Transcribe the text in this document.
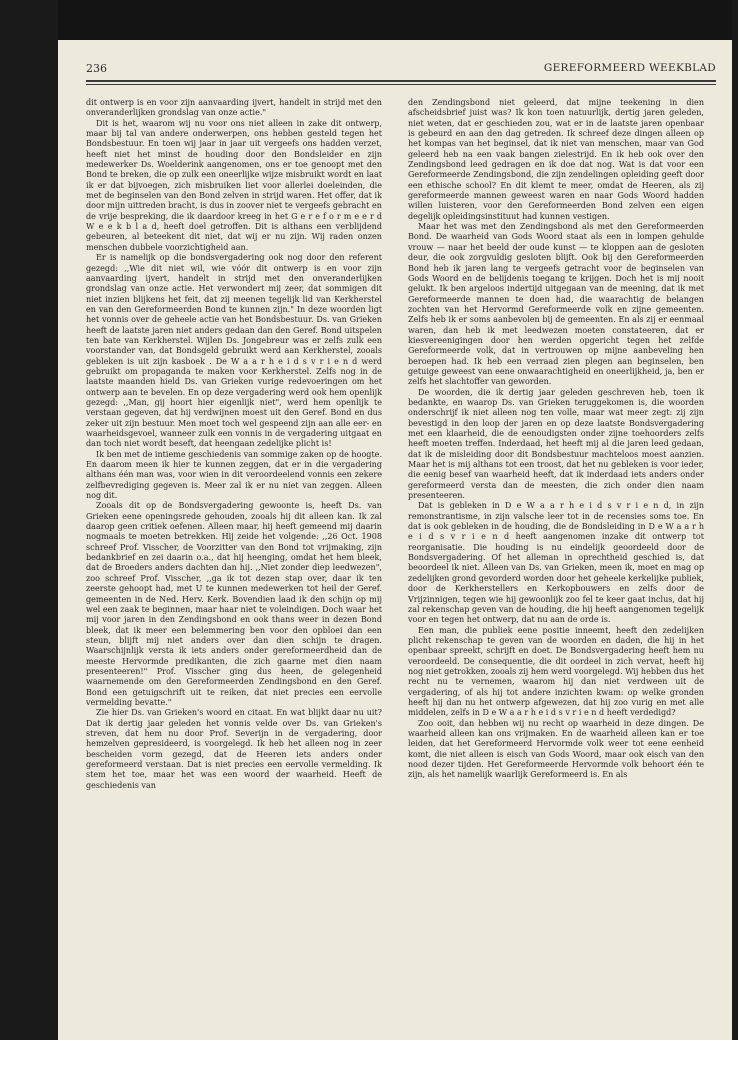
236	GEREFORMEERD WEEKBLAD

dit ontwerp is en voor zijn aanvaarding ijvert, handelt in strijd met den onveranderlijken grondslag van onze actie."

Dit is het, waarom wij nu voor ons niet alleen in zake dit ontwerp, maar bij tal van andere onderwerpen, ons hebben gesteld tegen het Bondsbestuur. En toen wij jaar in jaar uit vergeefs ons hadden verzet, heeft niet het minst de houding door den Bondsleider en zijn medewerker Ds. Woelderink aangenomen, ons er toe genoopt met den Bond te breken, die op zulk een oneerlijke wijze misbruikt wordt en laat ik er dat bijvoegen, zich misbruiken liet voor allerlei doeleinden, die met de beginselen van den Bond zelven in strijd waren. Het offer, dat ik door mijn uittreden bracht, is dus in zoover niet te vergeefs gebracht en de vrije bespreking, die ik daardoor kreeg in het G e r e f o r m e e r d W e e k b l a d, heeft doel getroffen. Dit is althans een verblijdend gebeuren, al beteekent dit niet, dat wij er nu zijn. Wij raden onzen menschen dubbele voorzichtigheid aan.

Er is namelijk op die bondsvergadering ook nog door den referent gezegd: ,,Wie dit niet wil, wie vóór dit ontwerp is en voor zijn aanvaarding ijvert, handelt in strijd met den onveranderlijken grondslag van onze actie. Het verwondert mij zeer, dat sommigen dit niet inzien blijkens het feit, dat zij meenen tegelijk lid van Kerkherstel en van den Gereformeerden Bond te kunnen zijn." In deze woorden ligt het vonnis over de geheele actie van het Bondsbestuur. Ds. van Grieken heeft de laatste jaren niet anders gedaan dan den Geref. Bond uitspelen ten bate van Kerkherstel. Wijlen Ds. Jongebreur was er zelfs zulk een voorstander van, dat Bondsgeld gebruikt werd aan Kerkherstel, zooals gebleken is uit zijn kasboek . De W a a r h e i d s v r i e n d werd gebruikt om propaganda te maken voor Kerkherstel. Zelfs nog in de laatste maanden hield Ds. van Grieken vurige redevoeringen om het ontwerp aan te bevelen. En op deze vergadering werd ook hem openlijk gezegd: ,,Man, gij hoort hier eigenlijk niet", werd hem openlijk te verstaan gegeven, dat hij verdwijnen moest uit den Geref. Bond en dus zeker uit zijn bestuur. Men moet toch wel gespeend zijn aan alle eer- en waarheidsgevoel, wanneer zulk een vonnis in de vergadering uitgaat en dan toch niet wordt beseft, dat heengaan zedelijke plicht is!

Ik ben met de intieme geschiedenis van sommige zaken op de hoogte. En daarom meen ik hier te kunnen zeggen, dat er in die vergadering althans één man was, voor wien in dit veroordeelend vonnis een zekere zelfbevrediging gegeven is. Meer zal ik er nu niet van zeggen. Alleen nog dit.

Zooals dit op de Bondsvergadering gewoonte is, heeft Ds. van Grieken eene openingsrede gehouden, zooals hij dit alleen kan. Ik zal daarop geen critiek oefenen. Alleen maar, hij heeft gemeend mij daarin nogmaals te moeten betrekken. Hij zeide het volgende: ,,26 Oct. 1908 schreef Prof. Visscher, de Voorzitter van den Bond tot vrijmaking, zijn bedankbrief en zei daarin o.a., dat hij heenging, omdat het hem bleek, dat de Broeders anders dachten dan hij. ,,Niet zonder diep leedwezen", zoo schreef Prof. Visscher, ,,ga ik tot dezen stap over, daar ik ten zeerste gehoopt had, met U te kunnen medewerken tot heil der Geref. gemeenten in de Ned. Herv. Kerk. Bovendien laad ik den schijn op mij wel een zaak te beginnen, maar haar niet te voleindigen. Doch waar het mij voor jaren in den Zendingsbond en ook thans weer in dezen Bond bleek, dat ik meer een belemmering ben voor den opbloei dan een steun, blijft mij niet anders over dan dien schijn te dragen. Waarschijnlijk versta ik iets anders onder gereformeerdheid dan de meeste Hervormde predikanten, die zich gaarne met dien naam presenteeren!" Prof. Visscher ging dus heen, de gelegenheid waarnemende om den Gereformeerden Zendingsbond en den Geref. Bond een getuigschrift uit te reiken, dat niet precies een eervolle vermelding bevatte."

Zie hier Ds. van Grieken's woord en citaat. En wat blijkt daar nu uit? Dat ik dertig jaar geleden het vonnis velde over Ds. van Grieken's streven, dat hem nu door Prof. Severijn in de vergadering, door hemzelven gepresideerd, is voorgelegd. Ik heb het alleen nog in zeer bescheiden vorm gezegd, dat de Heeren iets anders onder gereformeerd verstaan. Dat is niet precies een eervolle vermelding. Ik stem het toe, maar het was een woord der waarheid. Heeft de geschiedenis van

den Zendingsbond niet geleerd, dat mijne teekening in dien afscheidsbrief juist was? Ik kon toen natuurlijk, dertig jaren geleden, niet weten, dat er geschieden zou, wat er in de laatste jaren openbaar is gebeurd en aan den dag getreden. Ik schreef deze dingen alleen op het kompas van het beginsel, dat ik niet van menschen, maar van God geleerd heb na een vaak bangen zielestrijd. En ik heb ook over den Zendingsbond leed gedragen en ik doe dat nog. Wat is dat voor een Gereformeerde Zendingsbond, die zijn zendelingen opleiding geeft door een ethische school? En dit klemt te meer, omdat de Heeren, als zij gereformeerde mannen geweest waren en naar Gods Woord hadden willen luisteren, voor den Gereformeerden Bond zelven een eigen degelijk opleidingsinstituut had kunnen vestigen.

Maar het was met den Zendingsbond als met den Gereformeerden Bond. De waarheid van Gods Woord staat als een in lompen gehulde vrouw — naar het beeld der oude kunst — te kloppen aan de gesloten deur, die ook zorgvuldig gesloten blijft. Ook bij den Gereformeerden Bond heb ik jaren lang te vergeefs getracht voor de beginselen van Gods Woord en de belijdenis toegang te krijgen. Doch het is mij nooit gelukt. Ik ben argeloos indertijd uitgegaan van de meening, dat ik met Gereformeerde mannen te doen had, die waarachtig de belangen zochten van het Hervormd Gereformeerde volk en zijne gemeenten. Zelfs heb ik er soms aanbevolen bij de gemeenten. En als zij er eenmaal waren, dan heb ik met leedwezen moeten constateeren, dat er kiesvereenigingen door hen werden opgericht tegen het zelfde Gereformeerde volk, dat in vertrouwen op mijne aanbeveling hen beroepen had. Ik heb een verraad zien plegen aan beginselen, ben getuige geweest van eene onwaarachtigheid en oneerlijkheid, ja, ben er zelfs het slachtoffer van geworden.

De woorden, die ik dertig jaar geleden geschreven heb, toen ik bedankte, en waarop Ds. van Grieken teruggekomen is, die woorden onderschrijf ik niet alleen nog ten volle, maar wat meer zegt: zij zijn bevestigd in den loop der jaren en op deze laatste Bondsvergadering met een klaarheid, die de eenoudigsten onder zijne toehoorders zelfs heeft moeten treffen. Inderdaad, het heeft mij al die jaren leed gedaan, dat ik de misleiding door dit Bondsbestuur machteloos moest aanzien. Maar het is mij althans tot een troost, dat het nu gebleken is voor ieder, die eenig besef van waarheid heeft, dat ik inderdaad iets anders onder gereformeerd versta dan de meesten, die zich onder dien naam presenteeren.

Dat is gebleken in D e W a a r h e i d s v r i e n d, in zijn remonstrantisme, in zijn valsche leer tot in de recensies soms toe. En dat is ook gebleken in de houding, die de Bondsleiding in D e W a a r h e i d s v r i e n d heeft aangenomen inzake dit ontwerp tot reorganisatie. Die houding is nu eindelijk geoordeeld door de Bondsvergadering. Of het alleman in oprechtheid geschied is, dat beoordeel ik niet. Alleen van Ds. van Grieken, meen ik, moet en mag op zedelijken grond gevorderd worden door het geheele kerkelijke publiek, door de Kerkherstellers en Kerkopbouwers en zelfs door de Vrijzinnigen, tegen wie hij gewoonlijk zoo fel te keer gaat inclus, dat hij zal rekenschap geven van de houding, die hij heeft aangenomen tegelijk voor en tegen het ontwerp, dat nu aan de orde is.

Een man, die publiek eene positie inneemt, heeft den zedelijken plicht rekenschap te geven van de woorden en daden, die hij in het openbaar spreekt, schrijft en doet. De Bondsvergadering heeft hem nu veroordeeld. De consequentie, die dit oordeel in zich vervat, heeft hij nog niet getrokken, zooals zij hem werd voorgelegd. Wij hebben dus het recht nu te vernemen, waarom hij dan niet verdween uit de vergadering, of als hij tot andere inzichten kwam: op welke gronden heeft hij dan nu het ontwerp afgewezen, dat hij zoo vurig en met alle middelen, zelfs in D e W a a r h e i d s v r i e n d heeft verdedigd?

Zoo ooit, dan hebben wij nu recht op waarheid in deze dingen. De waarheid alleen kan ons vrijmaken. En de waarheid alleen kan er toe leiden, dat het Gereformeerd Hervormde volk weer tot eene eenheid komt, die niet alleen is eisch van Gods Woord, maar ook eisch van den nood dezer tijden. Het Gereformeerde Hervormde volk behoort één te zijn, als het namelijk waarlijk Gereformeerd is. En als
